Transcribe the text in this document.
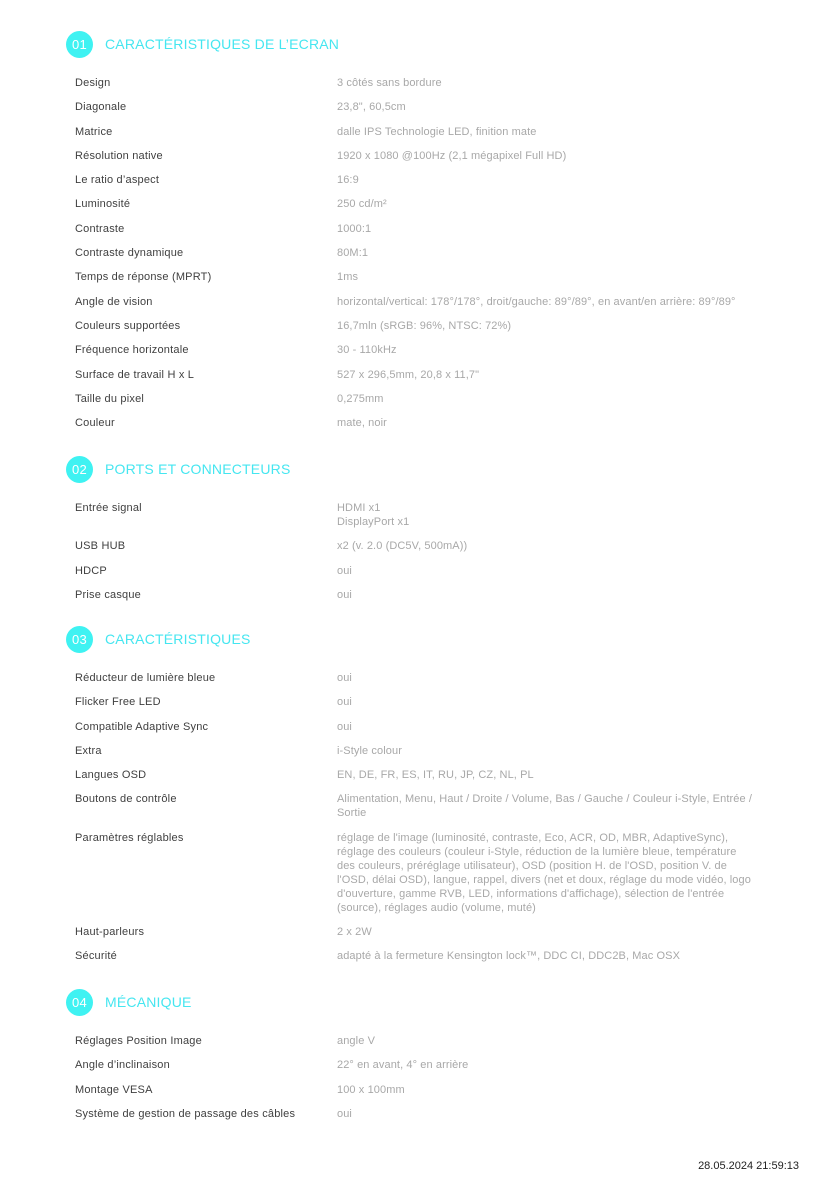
01	CARACTÉRISTIQUES DE L’ECRAN
Design	3 côtés sans bordure
Diagonale	23,8", 60,5cm
Matrice	dalle IPS Technologie LED, finition mate
Résolution native	1920 x 1080 @100Hz (2,1 mégapixel Full HD)
Le ratio d’aspect	16:9
Luminosité	250 cd/m²
Contraste	1000:1
Contraste dynamique	80M:1
Temps de réponse (MPRT)	1ms
Angle de vision	horizontal/vertical: 178°/178°, droit/gauche: 89°/89°, en avant/en arrière: 89°/89°
Couleurs supportées	16,7mln (sRGB: 96%, NTSC: 72%)
Fréquence horizontale	30 - 110kHz
Surface de travail H x L	527 x 296,5mm, 20,8 x 11,7"
Taille du pixel	0,275mm
Couleur	mate, noir
02	PORTS ET CONNECTEURS
Entrée signal	HDMI x1
DisplayPort x1
USB HUB	x2 (v. 2.0 (DC5V, 500mA))
HDCP	oui
Prise casque	oui
03	CARACTÉRISTIQUES
Réducteur de lumière bleue	oui
Flicker Free LED	oui
Compatible Adaptive Sync	oui
Extra	i-Style colour
Langues OSD	EN, DE, FR, ES, IT, RU, JP, CZ, NL, PL
Boutons de contrôle	Alimentation, Menu, Haut / Droite / Volume, Bas / Gauche / Couleur i-Style, Entrée / Sortie
Paramètres réglables	réglage de l'image (luminosité, contraste, Eco, ACR, OD, MBR, AdaptiveSync), réglage des couleurs (couleur i-Style, réduction de la lumière bleue, température des couleurs, préréglage utilisateur), OSD (position H. de l'OSD, position V. de l'OSD, délai OSD), langue, rappel, divers (net et doux, réglage du mode vidéo, logo d'ouverture, gamme RVB, LED, informations d'affichage), sélection de l'entrée (source), réglages audio (volume, muté)
Haut-parleurs	2 x 2W
Sécurité	adapté à la fermeture Kensington lock™, DDC CI, DDC2B, Mac OSX
04	MÉCANIQUE
Réglages Position Image	angle V
Angle d’inclinaison	22° en avant, 4° en arrière
Montage VESA	100 x 100mm
Système de gestion de passage des câbles	oui
28.05.2024 21:59:13
